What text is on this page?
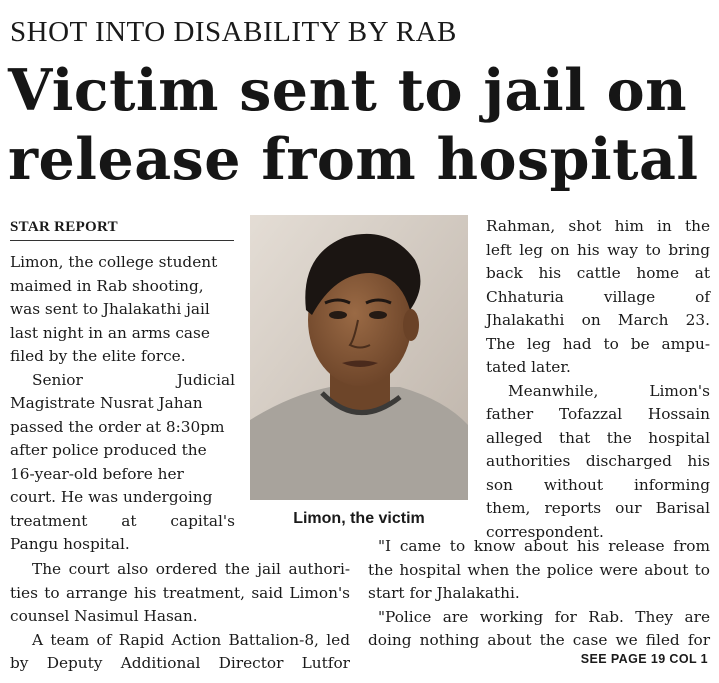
SHOT INTO DISABILITY BY RAB
Victim sent to jail on
release from hospital
STAR REPORT
Limon, the college student
maimed in Rab shooting,
was sent to Jhalakathi jail
last night in an arms case
filed by the elite force.
Senior Judicial
Magistrate Nusrat Jahan
passed the order at 8:30pm
after police produced the
16-year-old before her
court. He was undergoing
treatment at capital's
Pangu hospital.
Limon, the victim
Rahman, shot him in the
left leg on his way to bring
back his cattle home at
Chhaturia village of
Jhalakathi on March 23.
The leg had to be ampu-
tated later.
Meanwhile, Limon's
father Tofazzal Hossain
alleged that the hospital
authorities discharged his
son without informing
them, reports our Barisal
correspondent.
The court also ordered the jail authori-
ties to arrange his treatment, said Limon's
counsel Nasimul Hasan.
A team of Rapid Action Battalion-8, led
by Deputy Additional Director Lutfor
"I came to know about his release from
the hospital when the police were about to
start for Jhalakathi.
"Police are working for Rab. They are
doing nothing about the case we filed for
SEE PAGE 19 COL 1
